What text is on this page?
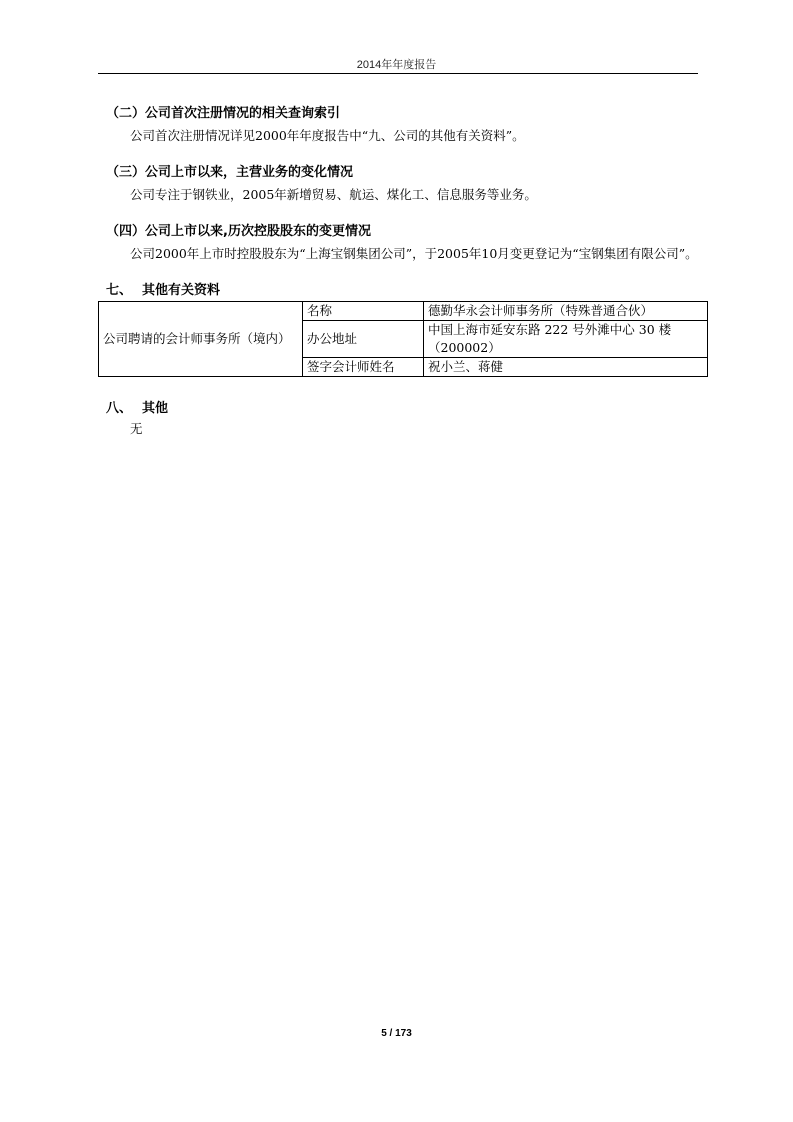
2014年年度报告
（二）公司首次注册情况的相关查询索引

公司首次注册情况详见2000年年度报告中“九、公司的其他有关资料”。

（三）公司上市以来，主营业务的变化情况

公司专注于钢铁业，2005年新增贸易、航运、煤化工、信息服务等业务。

（四）公司上市以来,历次控股股东的变更情况

公司2000年上市时控股股东为“上海宝钢集团公司”，于2005年10月变更登记为“宝钢集团有限公司”。

七、 其他有关资料
公司聘请的会计师事务所（境内）	名称	德勤华永会计师事务所（特殊普通合伙）
	办公地址	中国上海市延安东路 222 号外滩中心 30 楼（200002）
	签字会计师姓名	祝小兰、蒋健
八、 其他
无
5 / 173
